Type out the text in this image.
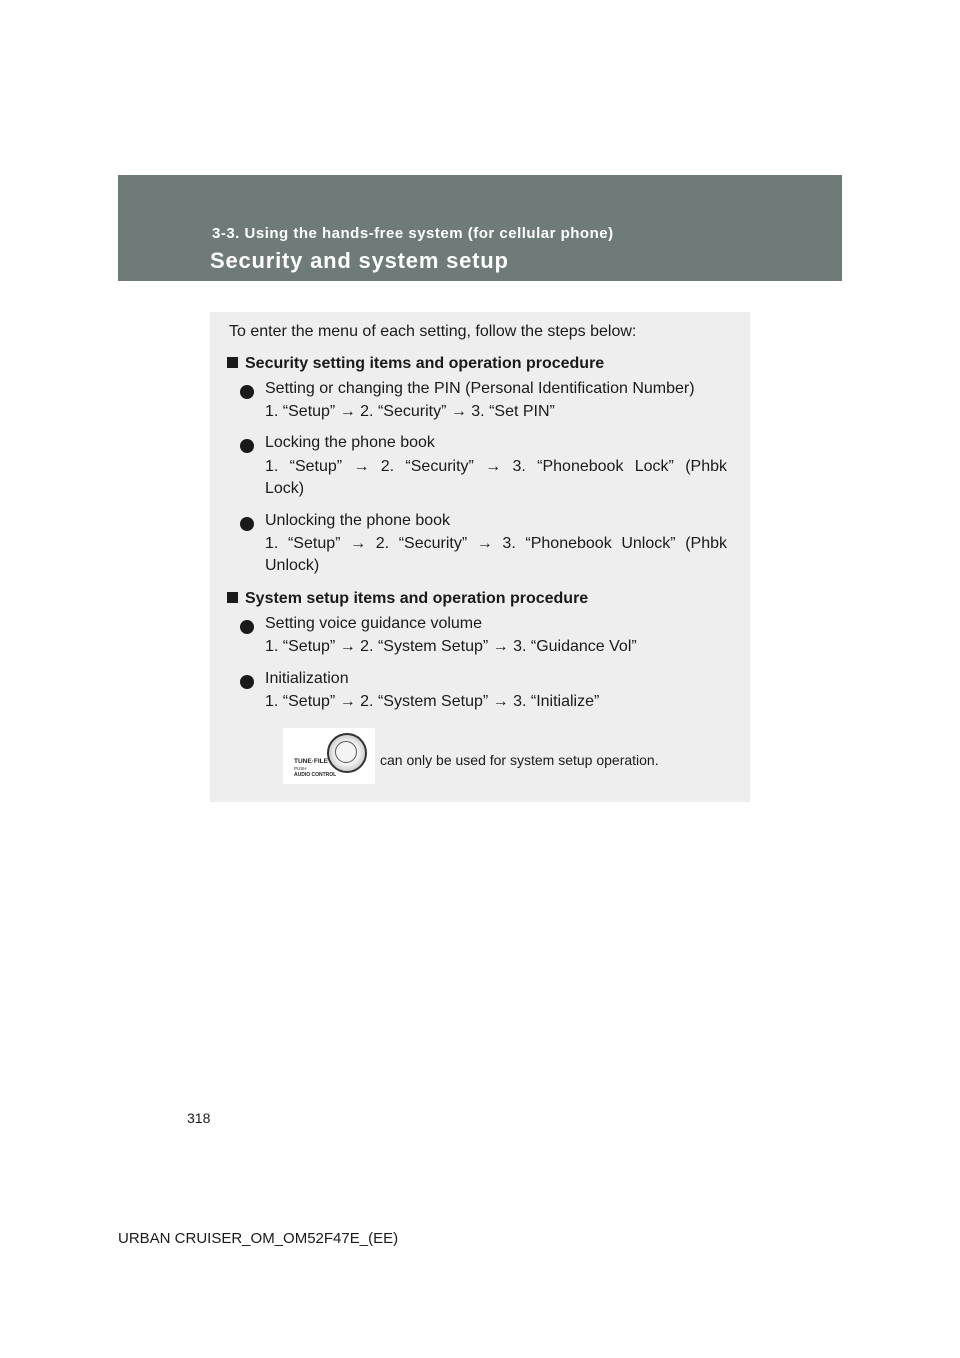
3-3. Using the hands-free system (for cellular phone)
Security and system setup
To enter the menu of each setting, follow the steps below:
Security setting items and operation procedure
Setting or changing the PIN (Personal Identification Number)
1. “Setup” → 2. “Security” → 3. “Set PIN”
Locking the phone book
1. “Setup” → 2. “Security” → 3. “Phonebook Lock” (Phbk
Lock)
Unlocking the phone book
1. “Setup” → 2. “Security” → 3. “Phonebook Unlock” (Phbk
Unlock)
System setup items and operation procedure
Setting voice guidance volume
1. “Setup” → 2. “System Setup” → 3. “Guidance Vol”
Initialization
1. “Setup” → 2. “System Setup” → 3. “Initialize”
TUNE·FILE
PUSH
AUDIO CONTROL
can only be used for system setup operation.
318
URBAN CRUISER_OM_OM52F47E_(EE)
